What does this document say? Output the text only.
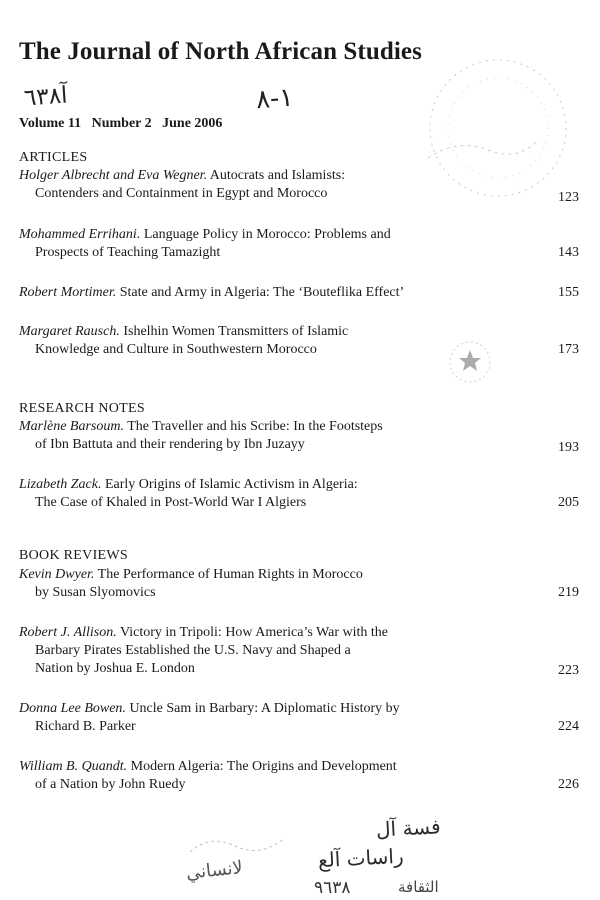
The Journal of North African Studies
آ٦٣٨	١-٨
Volume 11   Number 2   June 2006
ARTICLES
Holger Albrecht and Eva Wegner. Autocrats and Islamists:
Contenders and Containment in Egypt and Morocco	123
Mohammed Errihani. Language Policy in Morocco: Problems and
Prospects of Teaching Tamazight	143
Robert Mortimer. State and Army in Algeria: The ‘Bouteflika Effect’	155
Margaret Rausch. Ishelhin Women Transmitters of Islamic
Knowledge and Culture in Southwestern Morocco	173
RESEARCH NOTES
Marlène Barsoum. The Traveller and his Scribe: In the Footsteps
of Ibn Battuta and their rendering by Ibn Juzayy	193
Lizabeth Zack. Early Origins of Islamic Activism in Algeria:
The Case of Khaled in Post-World War I Algiers	205
BOOK REVIEWS
Kevin Dwyer. The Performance of Human Rights in Morocco
by Susan Slyomovics	219
Robert J. Allison. Victory in Tripoli: How America’s War with the
Barbary Pirates Established the U.S. Navy and Shaped a
Nation by Joshua E. London	223
Donna Lee Bowen. Uncle Sam in Barbary: A Diplomatic History by
Richard B. Parker	224
William B. Quandt. Modern Algeria: The Origins and Development
of a Nation by John Ruedy	226
فسة آل
راسات آلع
لانساني
٩٦٣٨	الثقافة
